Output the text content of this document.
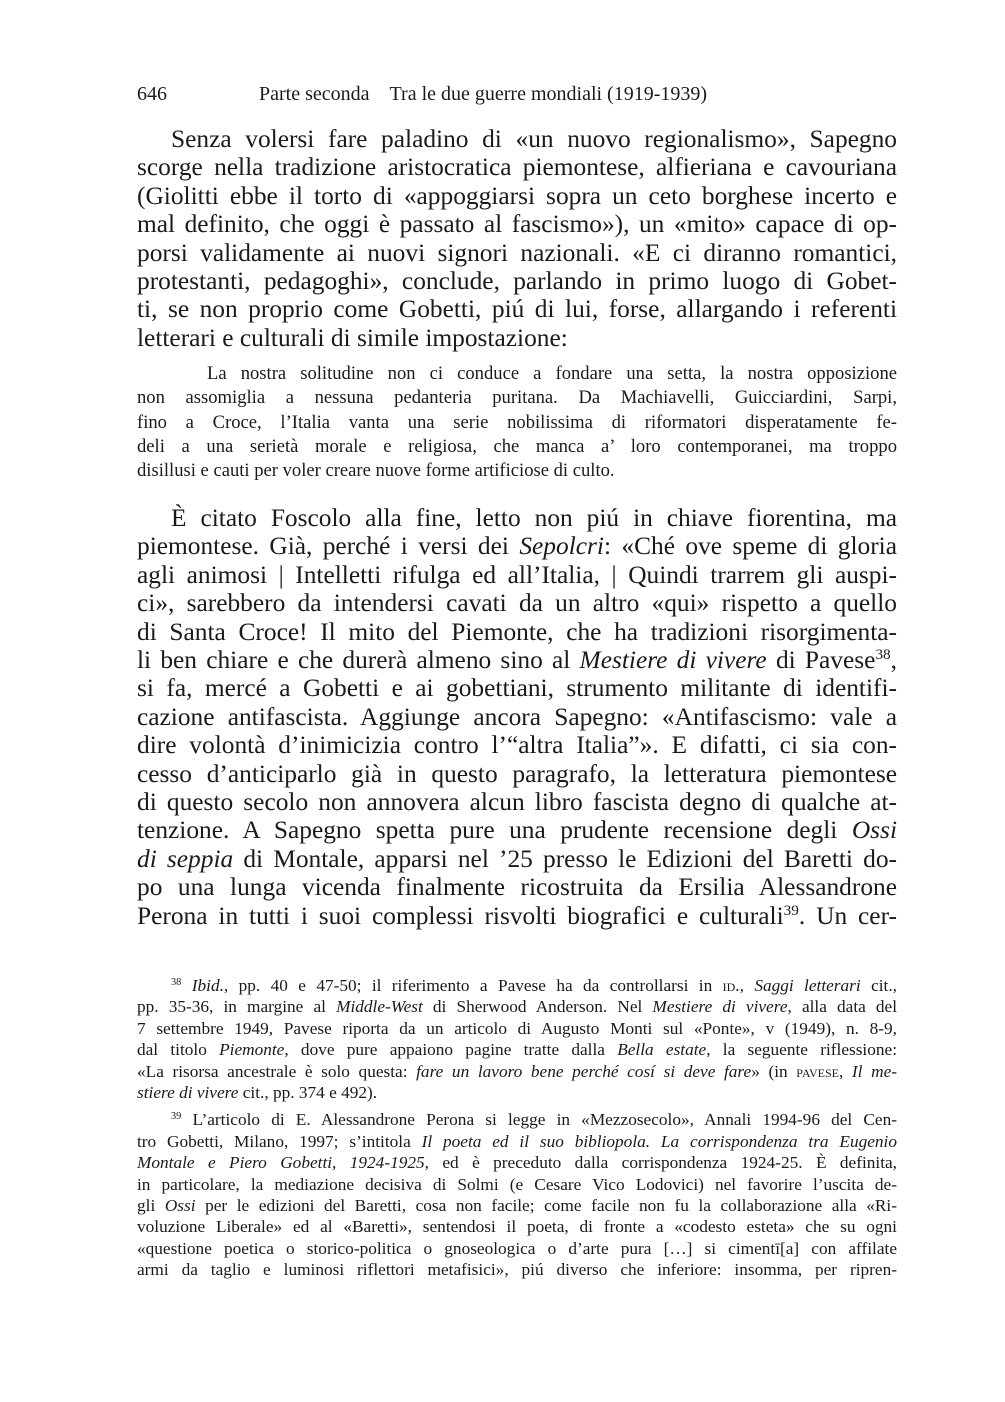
646	Parte seconda Tra le due guerre mondiali (1919-1939)
Senza volersi fare paladino di «un nuovo regionalismo», Sapegno
scorge nella tradizione aristocratica piemontese, alfieriana e cavouriana
(Giolitti ebbe il torto di «appoggiarsi sopra un ceto borghese incerto e
mal definito, che oggi è passato al fascismo»), un «mito» capace di op-
porsi validamente ai nuovi signori nazionali. «E ci diranno romantici,
protestanti, pedagoghi», conclude, parlando in primo luogo di Gobet-
ti, se non proprio come Gobetti, piú di lui, forse, allargando i referenti
letterari e culturali di simile impostazione:
La nostra solitudine non ci conduce a fondare una setta, la nostra opposizione
non assomiglia a nessuna pedanteria puritana. Da Machiavelli, Guicciardini, Sarpi,
fino a Croce, l’Italia vanta una serie nobilissima di riformatori disperatamente fe-
deli a una serietà morale e religiosa, che manca a’ loro contemporanei, ma troppo
disillusi e cauti per voler creare nuove forme artificiose di culto.
È citato Foscolo alla fine, letto non piú in chiave fiorentina, ma
piemontese. Già, perché i versi dei Sepolcri: «Ché ove speme di gloria
agli animosi | Intelletti rifulga ed all’Italia, | Quindi trarrem gli auspi-
ci», sarebbero da intendersi cavati da un altro «qui» rispetto a quello
di Santa Croce! Il mito del Piemonte, che ha tradizioni risorgimenta-
li ben chiare e che durerà almeno sino al Mestiere di vivere di Pavese$^{38}$,
si fa, mercé a Gobetti e ai gobettiani, strumento militante di identifi-
cazione antifascista. Aggiunge ancora Sapegno: «Antifascismo: vale a
dire volontà d’inimicizia contro l’“altra Italia”». E difatti, ci sia con-
cesso d’anticiparlo già in questo paragrafo, la letteratura piemontese
di questo secolo non annovera alcun libro fascista degno di qualche at-
tenzione. A Sapegno spetta pure una prudente recensione degli Ossi
di seppia di Montale, apparsi nel ’25 presso le Edizioni del Baretti do-
po una lunga vicenda finalmente ricostruita da Ersilia Alessandrone
Perona in tutti i suoi complessi risvolti biografici e culturali$^{39}$. Un cer-
$^{38}$ Ibid., pp. 40 e 47-50; il riferimento a Pavese ha da controllarsi in id., Saggi letterari cit.,
pp. 35-36, in margine al Middle-West di Sherwood Anderson. Nel Mestiere di vivere, alla data del
7 settembre 1949, Pavese riporta da un articolo di Augusto Monti sul «Ponte», v (1949), n. 8-9,
dal titolo Piemonte, dove pure appaiono pagine tratte dalla Bella estate, la seguente riflessione:
«La risorsa ancestrale è solo questa: fare un lavoro bene perché cosí si deve fare» (in pavese, Il me-
stiere di vivere cit., pp. 374 e 492).
$^{39}$ L’articolo di E. Alessandrone Perona si legge in «Mezzosecolo», Annali 1994-96 del Cen-
tro Gobetti, Milano, 1997; s’intitola Il poeta ed il suo bibliopola. La corrispondenza tra Eugenio
Montale e Piero Gobetti, 1924-1925, ed è preceduto dalla corrispondenza 1924-25. È definita,
in particolare, la mediazione decisiva di Solmi (e Cesare Vico Lodovici) nel favorire l’uscita de-
gli Ossi per le edizioni del Baretti, cosa non facile; come facile non fu la collaborazione alla «Ri-
voluzione Liberale» ed al «Baretti», sentendosi il poeta, di fronte a «codesto esteta» che su ogni
«questione poetica o storico-politica o gnoseologica o d’arte pura […] si cimentī[a] con affilate
armi da taglio e luminosi riflettori metafisici», piú diverso che inferiore: insomma, per ripren-
